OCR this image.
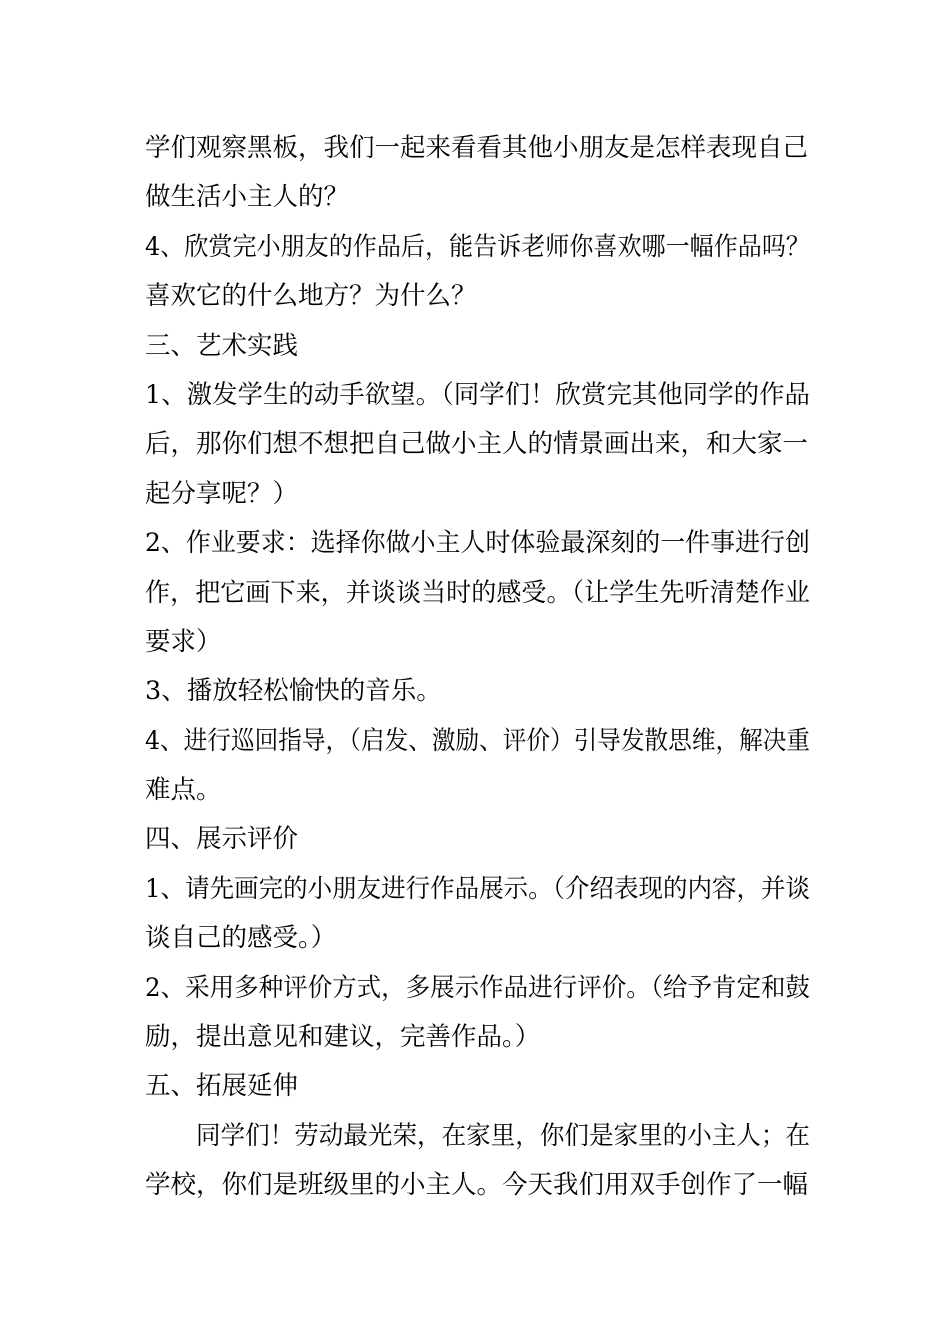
学们观察黑板，我们一起来看看其他小朋友是怎样表现自己
做生活小主人的？
4、欣赏完小朋友的作品后，能告诉老师你喜欢哪一幅作品吗？
喜欢它的什么地方？为什么？
三、艺术实践
1、激发学生的动手欲望。（同学们！欣赏完其他同学的作品
后，那你们想不想把自己做小主人的情景画出来，和大家一
起分享呢？）
2、作业要求：选择你做小主人时体验最深刻的一件事进行创
作，把它画下来，并谈谈当时的感受。（让学生先听清楚作业
要求）
3、播放轻松愉快的音乐。
4、进行巡回指导，（启发、激励、评价）引导发散思维，解决重
难点。
四、展示评价
1、请先画完的小朋友进行作品展示。（介绍表现的内容，并谈
谈自己的感受。）
2、采用多种评价方式，多展示作品进行评价。（给予肯定和鼓
励，提出意见和建议，完善作品。）
五、拓展延伸
同学们！劳动最光荣，在家里，你们是家里的小主人；在
学校，你们是班级里的小主人。今天我们用双手创作了一幅
